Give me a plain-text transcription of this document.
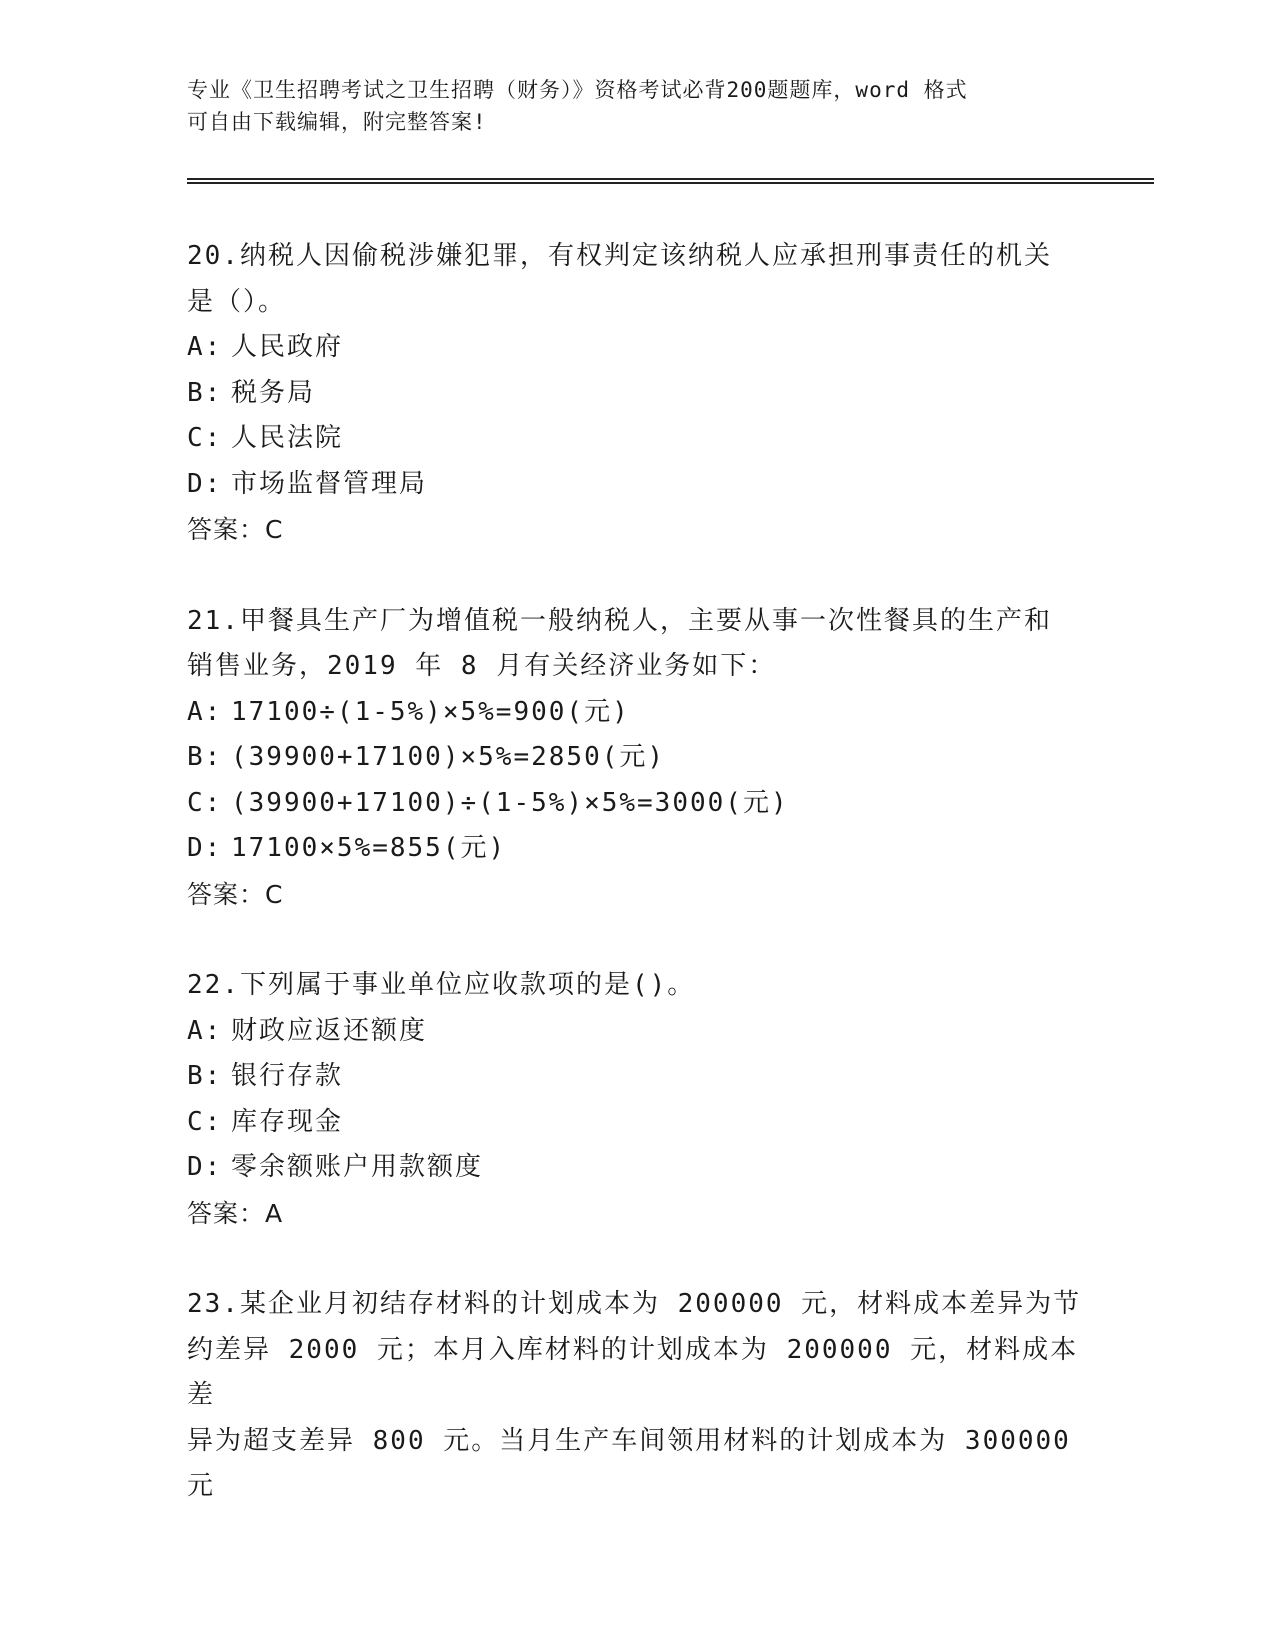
专业《卫生招聘考试之卫生招聘（财务）》资格考试必背200题题库，word 格式
可自由下载编辑，附完整答案!
20.纳税人因偷税涉嫌犯罪，有权判定该纳税人应承担刑事责任的机关
是（）。
A: 人民政府
B: 税务局
C: 人民法院
D: 市场监督管理局
答案：C
21.甲餐具生产厂为增值税一般纳税人，主要从事一次性餐具的生产和
销售业务，2019 年 8 月有关经济业务如下：
A: 17100÷(1-5%)×5%=900(元)
B: (39900+17100)×5%=2850(元)
C: (39900+17100)÷(1-5%)×5%=3000(元)
D: 17100×5%=855(元)
答案：C
22.下列属于事业单位应收款项的是()。
A: 财政应返还额度
B: 银行存款
C: 库存现金
D: 零余额账户用款额度
答案：A
23.某企业月初结存材料的计划成本为 200000 元，材料成本差异为节
约差异 2000 元；本月入库材料的计划成本为 200000 元，材料成本差
异为超支差异 800 元。当月生产车间领用材料的计划成本为 300000 元
